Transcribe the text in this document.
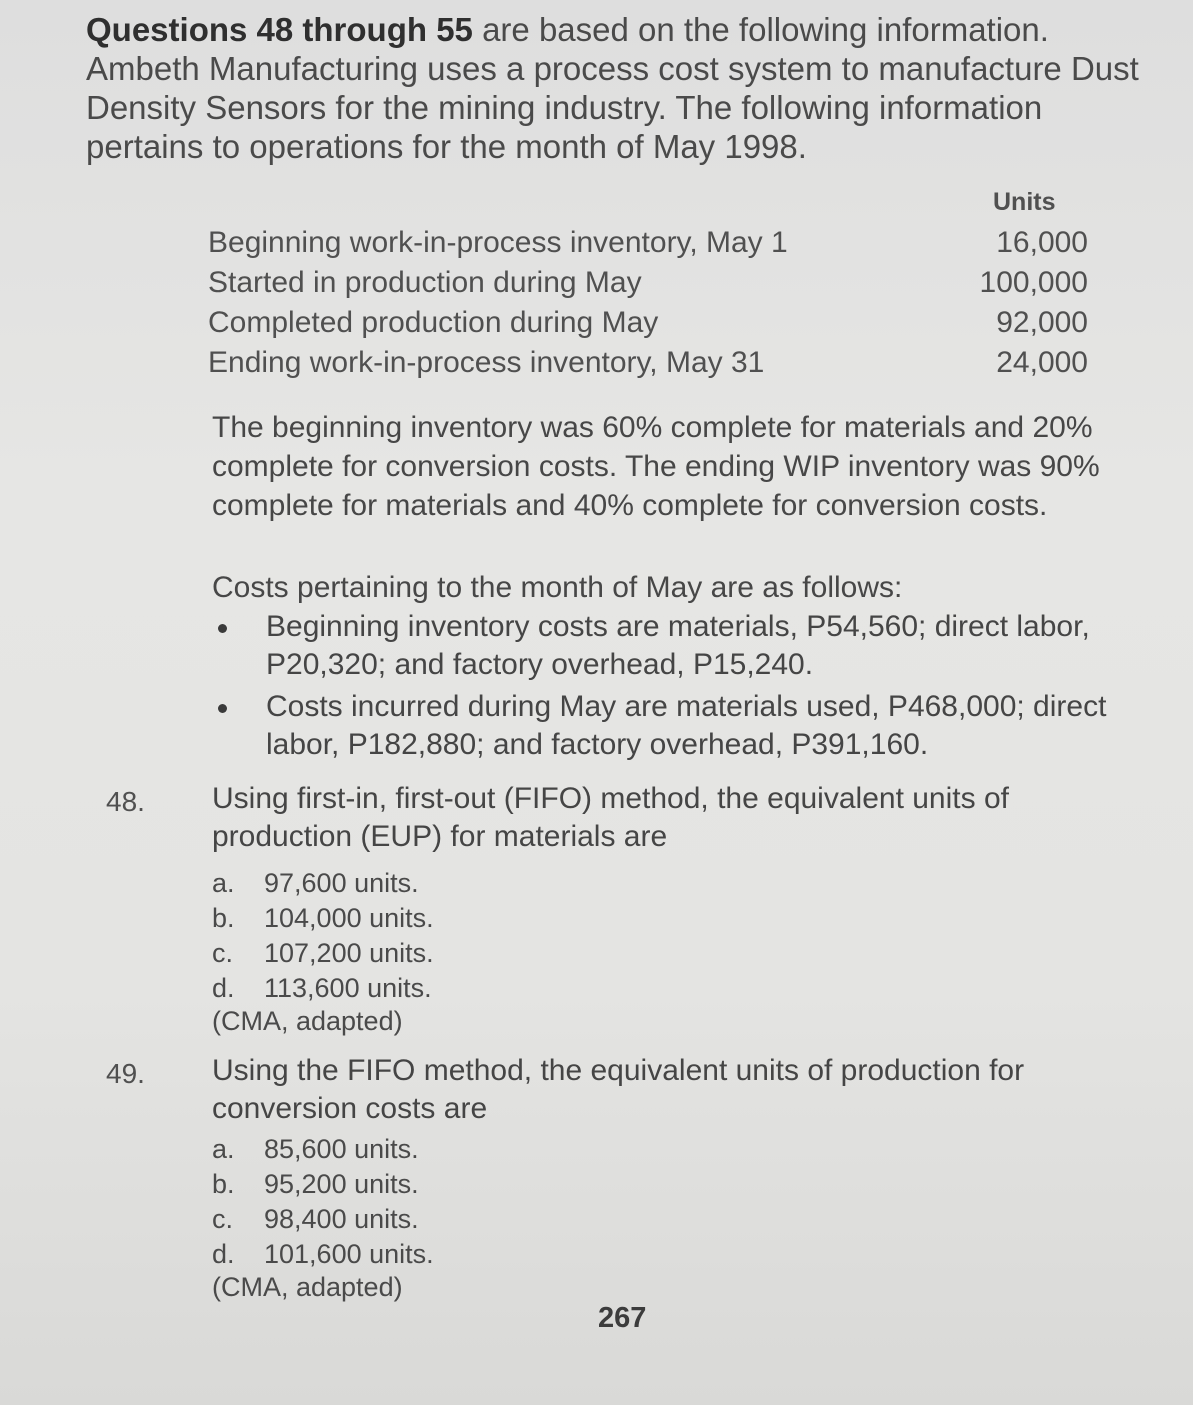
Questions 48 through 55 are based on the following information. Ambeth Manufacturing uses a process cost system to manufacture Dust Density Sensors for the mining industry. The following information pertains to operations for the month of May 1998.

Units
Beginning work-in-process inventory, May 1	16,000
Started in production during May	100,000
Completed production during May	92,000
Ending work-in-process inventory, May 31	24,000

The beginning inventory was 60% complete for materials and 20% complete for conversion costs. The ending WIP inventory was 90% complete for materials and 40% complete for conversion costs.

Costs pertaining to the month of May are as follows:

Beginning inventory costs are materials, P54,560; direct labor, P20,320; and factory overhead, P15,240.
Costs incurred during May are materials used, P468,000; direct labor, P182,880; and factory overhead, P391,160.
48. Using first-in, first-out (FIFO) method, the equivalent units of production (EUP) for materials are

a. 97,600 units.
b. 104,000 units.
c. 107,200 units.
d. 113,600 units.
(CMA, adapted)
49. Using the FIFO method, the equivalent units of production for conversion costs are

a. 85,600 units.
b. 95,200 units.
c. 98,400 units.
d. 101,600 units.
(CMA, adapted)
267
